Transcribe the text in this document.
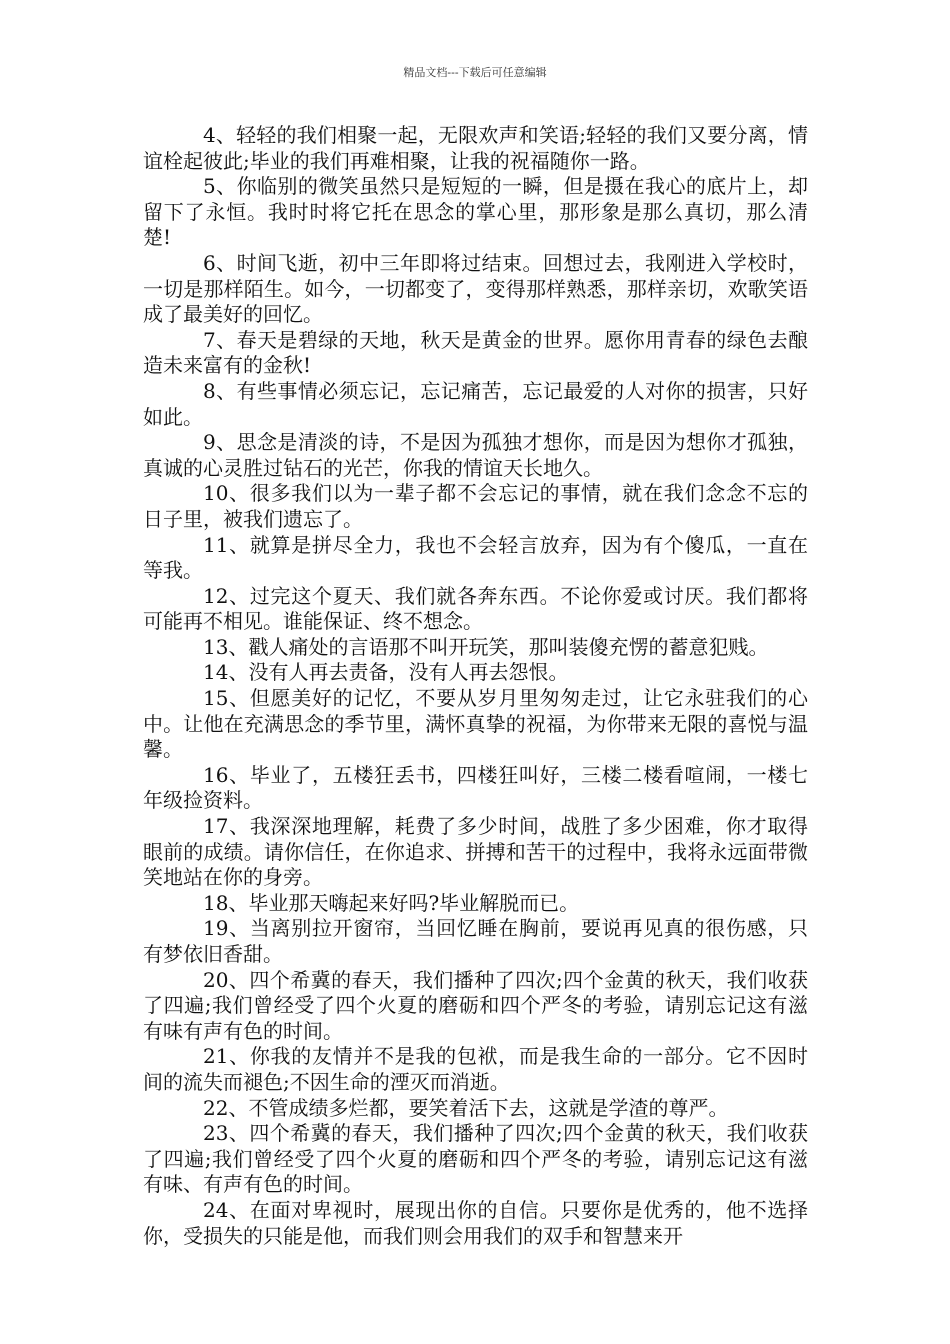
精品文档---下载后可任意编辑

4、轻轻的我们相聚一起，无限欢声和笑语;轻轻的我们又要分离，情谊栓起彼此;毕业的我们再难相聚，让我的祝福随你一路。

5、你临别的微笑虽然只是短短的一瞬，但是摄在我心的底片上，却留下了永恒。我时时将它托在思念的掌心里，那形象是那么真切，那么清楚!

6、时间飞逝，初中三年即将过结束。回想过去，我刚进入学校时，一切是那样陌生。如今，一切都变了，变得那样熟悉，那样亲切，欢歌笑语成了最美好的回忆。

7、春天是碧绿的天地，秋天是黄金的世界。愿你用青春的绿色去酿造未来富有的金秋!

8、有些事情必须忘记，忘记痛苦，忘记最爱的人对你的损害，只好如此。

9、思念是清淡的诗，不是因为孤独才想你，而是因为想你才孤独，真诚的心灵胜过钻石的光芒，你我的情谊天长地久。

10、很多我们以为一辈子都不会忘记的事情，就在我们念念不忘的日子里，被我们遗忘了。

11、就算是拼尽全力，我也不会轻言放弃，因为有个傻瓜，一直在等我。

12、过完这个夏天、我们就各奔东西。不论你爱或讨厌。我们都将可能再不相见。谁能保证、终不想念。

13、戳人痛处的言语那不叫开玩笑，那叫装傻充愣的蓄意犯贱。

14、没有人再去责备，没有人再去怨恨。

15、但愿美好的记忆，不要从岁月里匆匆走过，让它永驻我们的心中。让他在充满思念的季节里，满怀真挚的祝福，为你带来无限的喜悦与温馨。

16、毕业了，五楼狂丢书，四楼狂叫好，三楼二楼看喧闹，一楼七年级捡资料。

17、我深深地理解，耗费了多少时间，战胜了多少困难，你才取得眼前的成绩。请你信任，在你追求、拼搏和苦干的过程中，我将永远面带微笑地站在你的身旁。

18、毕业那天嗨起来好吗?毕业解脱而已。

19、当离别拉开窗帘，当回忆睡在胸前，要说再见真的很伤感，只有梦依旧香甜。

20、四个希冀的春天，我们播种了四次;四个金黄的秋天，我们收获了四遍;我们曾经受了四个火夏的磨砺和四个严冬的考验，请别忘记这有滋有味有声有色的时间。

21、你我的友情并不是我的包袱，而是我生命的一部分。它不因时间的流失而褪色;不因生命的湮灭而消逝。

22、不管成绩多烂都，要笑着活下去，这就是学渣的尊严。

23、四个希冀的春天，我们播种了四次;四个金黄的秋天，我们收获了四遍;我们曾经受了四个火夏的磨砺和四个严冬的考验，请别忘记这有滋有味、有声有色的时间。

24、在面对卑视时，展现出你的自信。只要你是优秀的，他不选择你，受损失的只能是他，而我们则会用我们的双手和智慧来开
